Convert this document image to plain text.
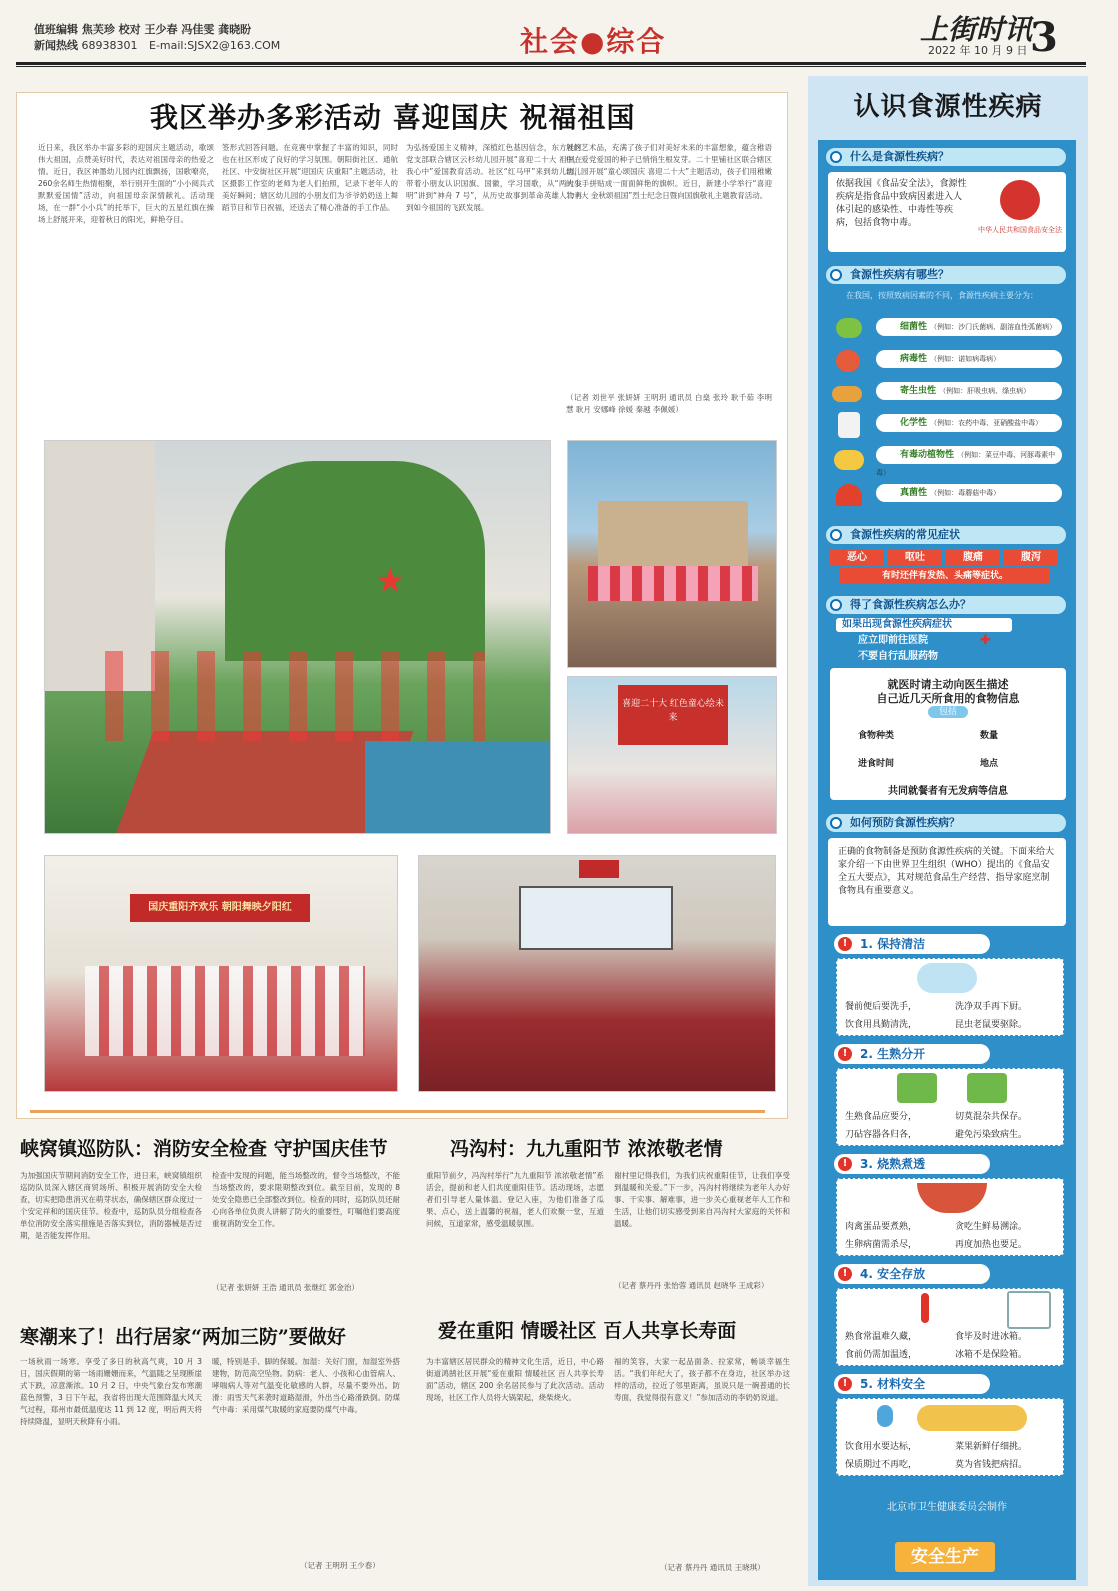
值班编辑 焦芙珍 校对 王少春 冯佳雯 龚晓盼
新闻热线 68938301 E-mail:SJSX2@163.COM	社会●综合	上街时讯
2022 年 10 月 9 日 3
我区举办多彩活动 喜迎国庆 祝福祖国
近日来，我区举办丰富多彩的迎国庆主题活动，歌颂伟大祖国，点赞美好时代，表达对祖国母亲的热爱之情。近日，我区神墨幼儿园内红旗飘扬，国歌嘹亮，260余名师生热情相聚，举行别开生面的“小小阅兵式 默默爱国情”活动，向祖国母亲深情献礼。活动现场，在一群“小小兵”的托举下，巨大的五星红旗在操场上舒展开来，迎着秋日的阳光，鲜艳夺目。
签形式回答问题。在竞赛中掌握了丰富的知识，同时也在社区形成了良好的学习氛围。朝阳街社区、通航社区、中安街社区开展“迎国庆 庆重阳”主题活动，社区摄影工作室的老师为老人们拍照，记录下老年人的美好瞬间；辖区幼儿园的小朋友们为爷爷奶奶送上舞蹈节目和节日祝福，还送去了精心准备的手工作品。
为弘扬爱国主义精神，深植红色基因信念，东方社区党支部联合辖区云杉幼儿园开展“喜迎二十大 祖国在我心中”爱国教育活动。社区“红马甲”来到幼儿园，带着小朋友认识国旗、国徽，学习国歌，从“两大发明”讲到“神舟 7 号”，从历史故事到革命英雄人物再到如今祖国的飞跃发展。
展的艺术品，充满了孩子们对美好未来的丰富想象，蕴含稚语中，爱党爱国的种子已悄悄生根发芽。二十里铺社区联合辖区幼儿园开展“童心颂国庆 喜迎二十大”主题活动，孩子们用稚嫩的小手拼贴成一面面鲜艳的旗帜。近日，新建小学举行“喜迎二十大 金秋颂祖国”烈士纪念日暨向国旗敬礼主题教育活动。
（记者 刘世平 张妍妍 王明玥 通讯员 白燊 张玲 耿千茹 李明慧 耿月 安娜峰 徐媛 秦越 李佩媛）
★
喜迎二十大 红色童心绘未来
国庆重阳齐欢乐 朝阳舞映夕阳红
峡窝镇巡防队：消防安全检查 守护国庆佳节
为加强国庆节期间消防安全工作，进日来，峡窝镇组织巡防队员深入辖区商贸场所、积极开展消防安全大检查，切实把隐患消灭在萌芽状态，确保辖区群众度过一个安定祥和的国庆佳节。检查中，巡防队员分组检查各单位消防安全落实措施是否落实到位，消防器械是否过期，是否能发挥作用。
检查中发现的问题，能当场整改的，督令当场整改，不能当场整改的，要求限期整改到位。截至目前，发现的 8 处安全隐患已全部整改到位。检查的同时，巡防队员还耐心向各单位负责人讲解了防火的重要性，叮嘱他们要高度重视消防安全工作。
（记者 张妍妍 王浩 通讯员 张继红 郭金治）
冯沟村：九九重阳节 浓浓敬老情
重阳节前夕，冯沟村举行“九九重阳节 浓浓敬老情”系活会，提前和老人们共度重阳佳节。活动现场，志愿者们引导老人量体温、登记入座，为他们准备了瓜果、点心，送上温馨的祝福，老人们欢聚一堂，互道问候，互道家常，感受温暖氛围。
谢村里记得我们，为我们庆祝重阳佳节，让我们享受到温暖和关爱。”下一步，冯沟村将继续为老年人办好事、干实事、解难事，进一步关心重视老年人工作和生活，让他们切实感受到来自冯沟村大家庭的关怀和温暖。
（记者 蔡丹丹 张怡蓉 通讯员 赵晓华 王成彩）
寒潮来了！出行居家“两加三防”要做好
一场秋雨一场寒。享受了多日的秋高气爽，10 月 3 日，国庆假期的第一场雨姗姗而来，气温随之呈现断崖式下跌，凉意渐浓。10 月 2 日，中央气象台发布寒潮蓝色预警，3 日下午起，我省将出现大范围降温大风天气过程，郑州市最低温度达 11 到 12 度，明后两天将持续降温，显明天秋降有小雨。
暖，特别是手、脚的保暖。加湿：关好门窗，加湿室外搭建物，防范高空坠物。防病：老人、小孩和心血管病人、哮喘病人等对气温变化敏感的人群，尽量不要外出。防滑：雨雪天气来袭时道路湿滑，外出当心路滑跌倒。防煤气中毒：采用煤气取暖的家庭要防煤气中毒。
（记者 王明玥 王少春）
爱在重阳 情暖社区 百人共享长寿面
为丰富辖区居民群众的精神文化生活，近日，中心路街道鸿鹄社区开展“爱在重阳 情暖社区 百人共享长寿面”活动，辖区 200 余名居民参与了此次活动。活动现场，社区工作人员将大锅架起，烧柴烧火。
福的笑容，大家一起品面条、拉家常，畅谈幸福生活。“我们年纪大了，孩子都不在身边，社区举办这样的活动，拉近了邻里距离，虽说只是一碗普通的长寿面，我觉得很有意义！”参加活动的李奶奶说道。
（记者 蔡丹丹 通讯员 王晓琪）
认识食源性疾病
什么是食源性疾病？
依据我国《食品安全法》，食源性疾病是指食品中致病因素进入人体引起的感染性、中毒性等疾病，包括食物中毒。
中华人民共和国食品安全法
食源性疾病有哪些？
在我国，按照致病因素的不同，食源性疾病主要分为：
细菌性 （例如：沙门氏菌病、副溶血性弧菌病）
病毒性 （例如：诺如病毒病）
寄生虫性 （例如：肝吸虫病、绦虫病）
化学性 （例如：农药中毒、亚硝酸盐中毒）
有毒动植物性 （例如：菜豆中毒、河豚毒素中毒）
真菌性 （例如：毒蘑菇中毒）
食源性疾病的常见症状
恶心	呕吐	腹痛	腹泻
有时还伴有发热、头痛等症状。
得了食源性疾病怎么办？
如果出现食源性疾病症状
应立即前往医院	✚
不要自行乱服药物
就医时请主动向医生描述
自己近几天所食用的食物信息
包括
食物种类	数量
进食时间	地点
共同就餐者有无发病等信息
如何预防食源性疾病？
正确的食物制备是预防食源性疾病的关键。下面来给大家介绍一下由世界卫生组织（WHO）提出的《食品安全五大要点》，其对规范食品生产经营、指导家庭烹制食物具有重要意义。
!	1. 保持清洁
餐前便后要洗手，	洗净双手再下厨。
饮食用具勤清洗，	昆虫老鼠要驱除。
!	2. 生熟分开
生熟食品应要分，	切莫混杂共保存。
刀砧容器各归各，	避免污染致病生。
!	3. 烧熟煮透
肉禽蛋品要煮熟，	贪吃生鲜易溯涂。
生卵病菌需杀尽，	再度加热也要足。
!	4. 安全存放
熟食常温难久藏，	食毕及时进冰箱。
食前仍需加温透，	冰箱不是保险箱。
!	5. 材料安全
饮食用水要达标，	菜果新鲜仔细挑。
保质期过不再吃，	莫为省钱把病招。
北京市卫生健康委员会制作
安全生产
